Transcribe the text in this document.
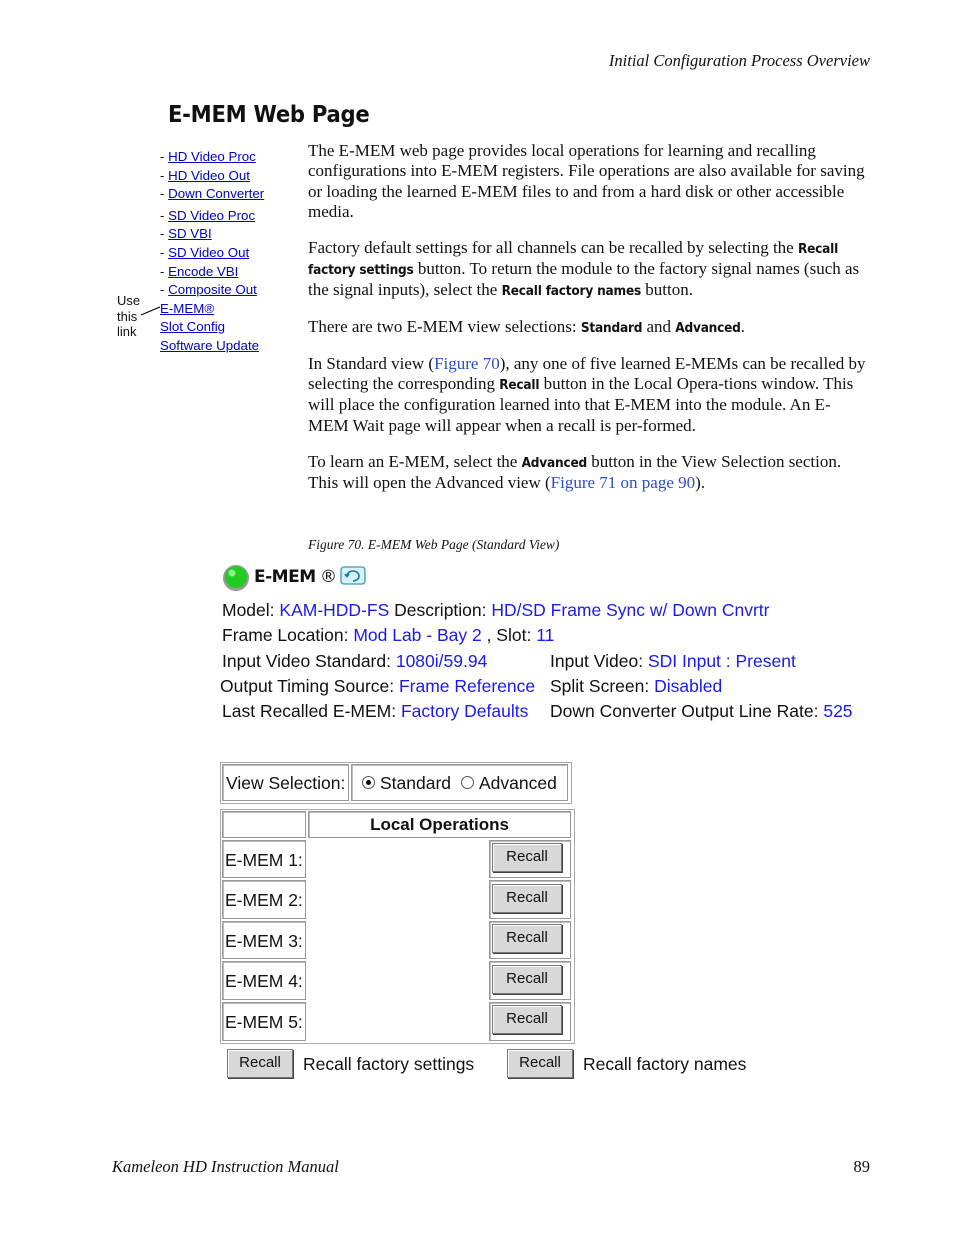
Initial Configuration Process Overview
E-MEM Web Page
- HD Video Proc
- HD Video Out
- Down Converter
- SD Video Proc
- SD VBI
- SD Video Out
- Encode VBI
- Composite Out
E-MEM®
Slot Config
Software Update
Use
this
link

The E-MEM web page provides local operations for learning and recalling configurations into E-MEM registers. File operations are also available for saving or loading the learned E-MEM files to and from a hard disk or other accessible media.

Factory default settings for all channels can be recalled by selecting the Recall factory settings button. To return the module to the factory signal names (such as the signal inputs), select the Recall factory names button.

There are two E-MEM view selections: Standard and Advanced.

In Standard view (Figure 70), any one of five learned E-MEMs can be recalled by selecting the corresponding Recall button in the Local Opera-tions window. This will place the configuration learned into that E-MEM into the module. An E-MEM Wait page will appear when a recall is per-formed.

To learn an E-MEM, select the Advanced button in the View Selection section. This will open the Advanced view (Figure 71 on page 90).

Figure 70. E-MEM Web Page (Standard View)
E-MEM ®
Model: KAM-HDD-FS Description: HD/SD Frame Sync w/ Down Cnvrtr
Frame Location: Mod Lab - Bay 2 , Slot: 11
Input Video Standard: 1080i/59.94	Input Video: SDI Input : Present
Output Timing Source: Frame Reference Split Screen: Disabled
Last Recalled E-MEM: Factory Defaults Down Converter Output Line Rate: 525
View Selection: Standard Advanced
Local Operations
E-MEM 1:	Recall
E-MEM 2:	Recall
E-MEM 3:	Recall
E-MEM 4:	Recall
E-MEM 5:	Recall
Recall	Recall factory settings	Recall	Recall factory names
Kameleon HD Instruction Manual	89
